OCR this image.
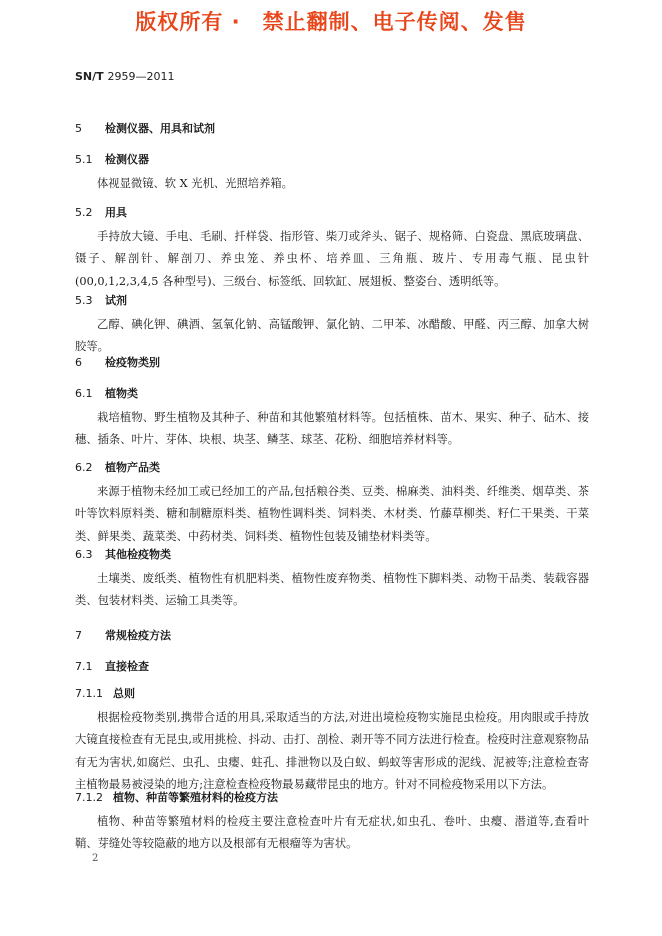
版权所有 ·　禁止翻制、电子传阅、发售
SN/T 2959—2011
5 检测仪器、用具和试剂
5.1 检测仪器
体视显微镜、软 X 光机、光照培养箱。
5.2 用具
手持放大镜、手电、毛刷、扦样袋、指形管、柴刀或斧头、锯子、规格筛、白瓷盘、黑底玻璃盘、镊子、解剖针、解剖刀、养虫笼、养虫杯、培养皿、三角瓶、玻片、专用毒气瓶、昆虫针(00,0,1,2,3,4,5 各种型号)、三级台、标签纸、回软缸、展翅板、整姿台、透明纸等。
5.3 试剂
乙醇、碘化钾、碘酒、氢氧化钠、高锰酸钾、氯化钠、二甲苯、冰醋酸、甲醛、丙三醇、加拿大树胶等。
6 检疫物类别
6.1 植物类
栽培植物、野生植物及其种子、种苗和其他繁殖材料等。包括植株、苗木、果实、种子、砧木、接穗、插条、叶片、芽体、块根、块茎、鳞茎、球茎、花粉、细胞培养材料等。
6.2 植物产品类
来源于植物未经加工或已经加工的产品,包括粮谷类、豆类、棉麻类、油料类、纤维类、烟草类、茶叶等饮料原料类、糖和制糖原料类、植物性调料类、饲料类、木材类、竹藤草柳类、籽仁干果类、干菜类、鲜果类、蔬菜类、中药材类、饲料类、植物性包装及铺垫材料类等。
6.3 其他检疫物类
土壤类、废纸类、植物性有机肥料类、植物性废弃物类、植物性下脚料类、动物干品类、装载容器类、包装材料类、运输工具类等。
7 常规检疫方法
7.1 直接检查
7.1.1 总则
根据检疫物类别,携带合适的用具,采取适当的方法,对进出境检疫物实施昆虫检疫。用肉眼或手持放大镜直接检查有无昆虫,或用挑检、抖动、击打、剖检、剥开等不同方法进行检查。检疫时注意观察物品有无为害状,如腐烂、虫孔、虫瘿、蛀孔、排泄物以及白蚁、蚂蚁等害形成的泥线、泥被等;注意检查寄主植物最易被浸染的地方;注意检查检疫物最易藏带昆虫的地方。针对不同检疫物采用以下方法。
7.1.2 植物、种苗等繁殖材料的检疫方法
植物、种苗等繁殖材料的检疫主要注意检查叶片有无症状,如虫孔、卷叶、虫瘿、潜道等,查看叶鞘、芽缝处等较隐蔽的地方以及根部有无根瘤等为害状。
2
